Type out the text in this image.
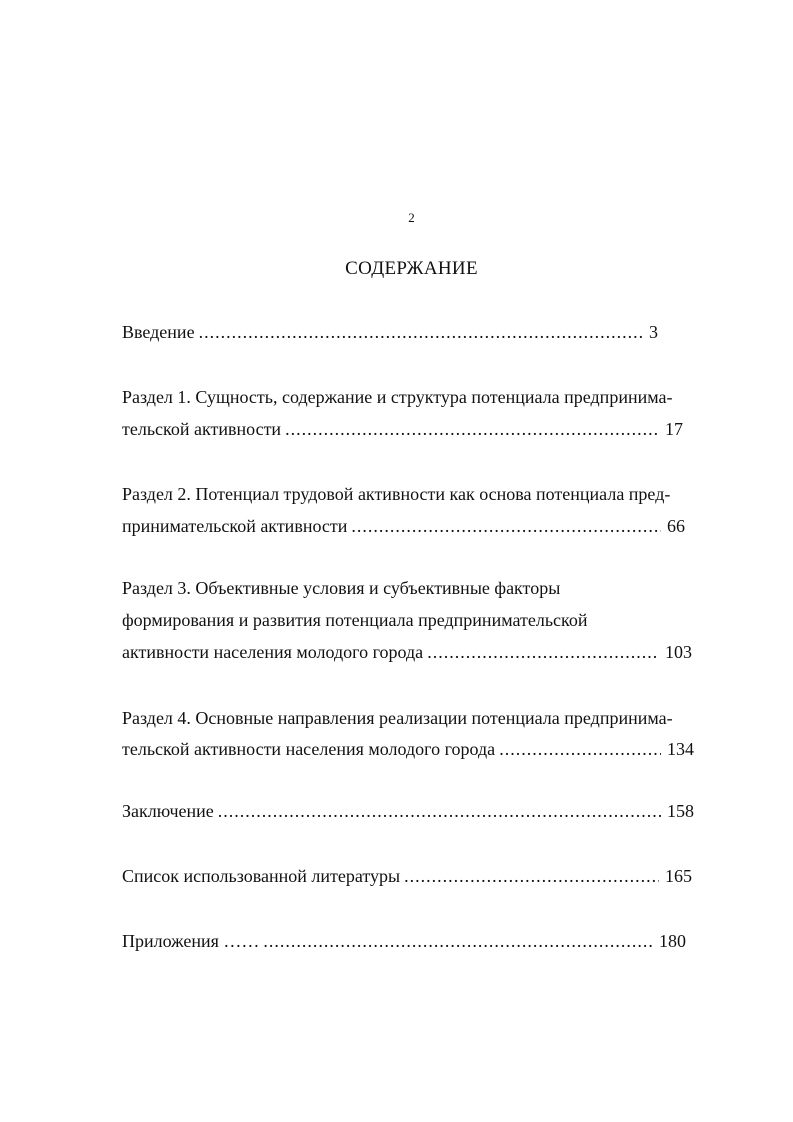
2
СОДЕРЖАНИЕ
Введение .....	3
Раздел 1. Сущность, содержание и структура потенциала предпринима-
тельской активности .....	17
Раздел 2. Потенциал трудовой активности как основа потенциала пред-
принимательской активности .....	66
Раздел 3. Объективные условия и субъективные факторы
формирования и развития потенциала предпринимательской
активности населения молодого города .....	103
Раздел 4. Основные направления реализации потенциала предпринима-
тельской активности населения молодого города .....	134
Заключение .....	158
Список использованной литературы .....	165
Приложения …… .....	180
